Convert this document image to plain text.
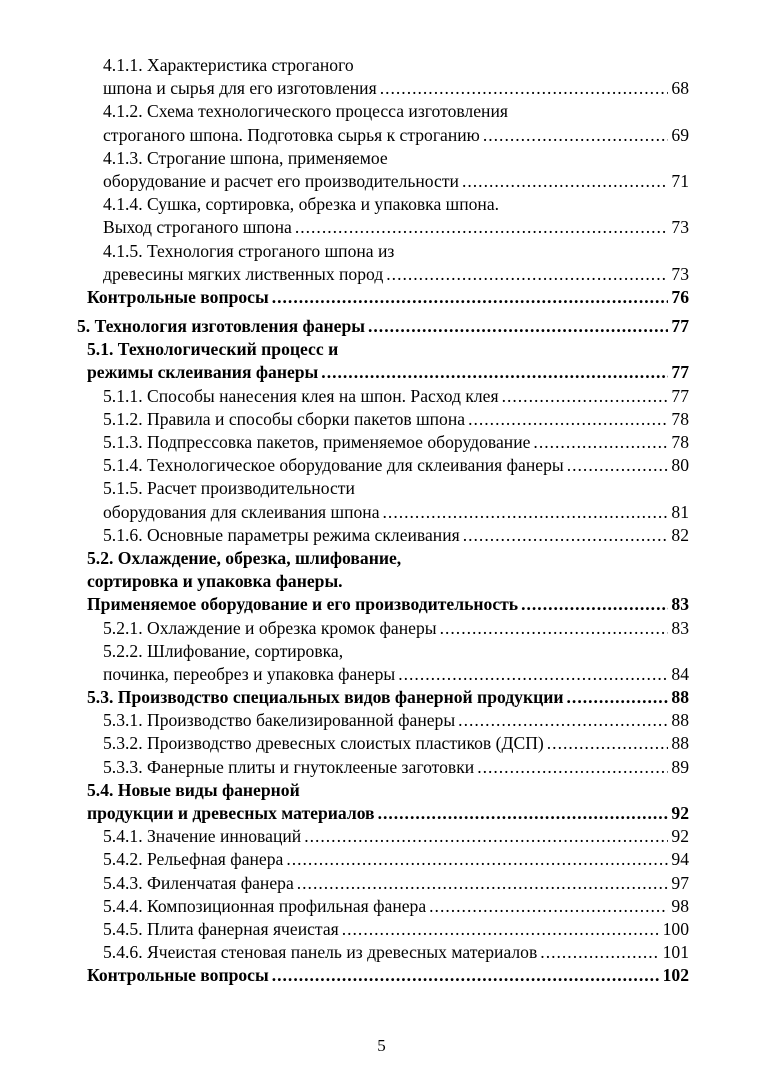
4.1.1. Характеристика строганого
шпона и сырья для его изготовления .....	68
4.1.2. Схема технологического процесса изготовления
строганого шпона. Подготовка сырья к строганию .....	69
4.1.3. Строгание шпона, применяемое
оборудование и расчет его производительности .....	71
4.1.4. Сушка, сортировка, обрезка и упаковка шпона.
Выход строганого шпона .....	73
4.1.5. Технология строганого шпона из
древесины мягких лиственных пород .....	73
Контрольные вопросы .....	76
5. Технология изготовления фанеры .....	77
5.1. Технологический процесс и
режимы склеивания фанеры .....	77
5.1.1. Способы нанесения клея на шпон. Расход клея .....	77
5.1.2. Правила и способы сборки пакетов шпона .....	78
5.1.3. Подпрессовка пакетов, применяемое оборудование .....	78
5.1.4. Технологическое оборудование для склеивания фанеры .....	80
5.1.5. Расчет производительности
оборудования для склеивания шпона .....	81
5.1.6. Основные параметры режима склеивания .....	82
5.2. Охлаждение, обрезка, шлифование,
сортировка и упаковка фанеры.
Применяемое оборудование и его производительность .....	83
5.2.1. Охлаждение и обрезка кромок фанеры .....	83
5.2.2. Шлифование, сортировка,
починка, переобрез и упаковка фанеры .....	84
5.3. Производство специальных видов фанерной продукции .....	88
5.3.1. Производство бакелизированной фанеры .....	88
5.3.2. Производство древесных слоистых пластиков (ДСП) .....	88
5.3.3. Фанерные плиты и гнутоклееные заготовки .....	89
5.4. Новые виды фанерной
продукции и древесных материалов .....	92
5.4.1. Значение инноваций .....	92
5.4.2. Рельефная фанера .....	94
5.4.3. Филенчатая фанера .....	97
5.4.4. Композиционная профильная фанера .....	98
5.4.5. Плита фанерная ячеистая .....	100
5.4.6. Ячеистая стеновая панель из древесных материалов .....	101
Контрольные вопросы .....	102
5
